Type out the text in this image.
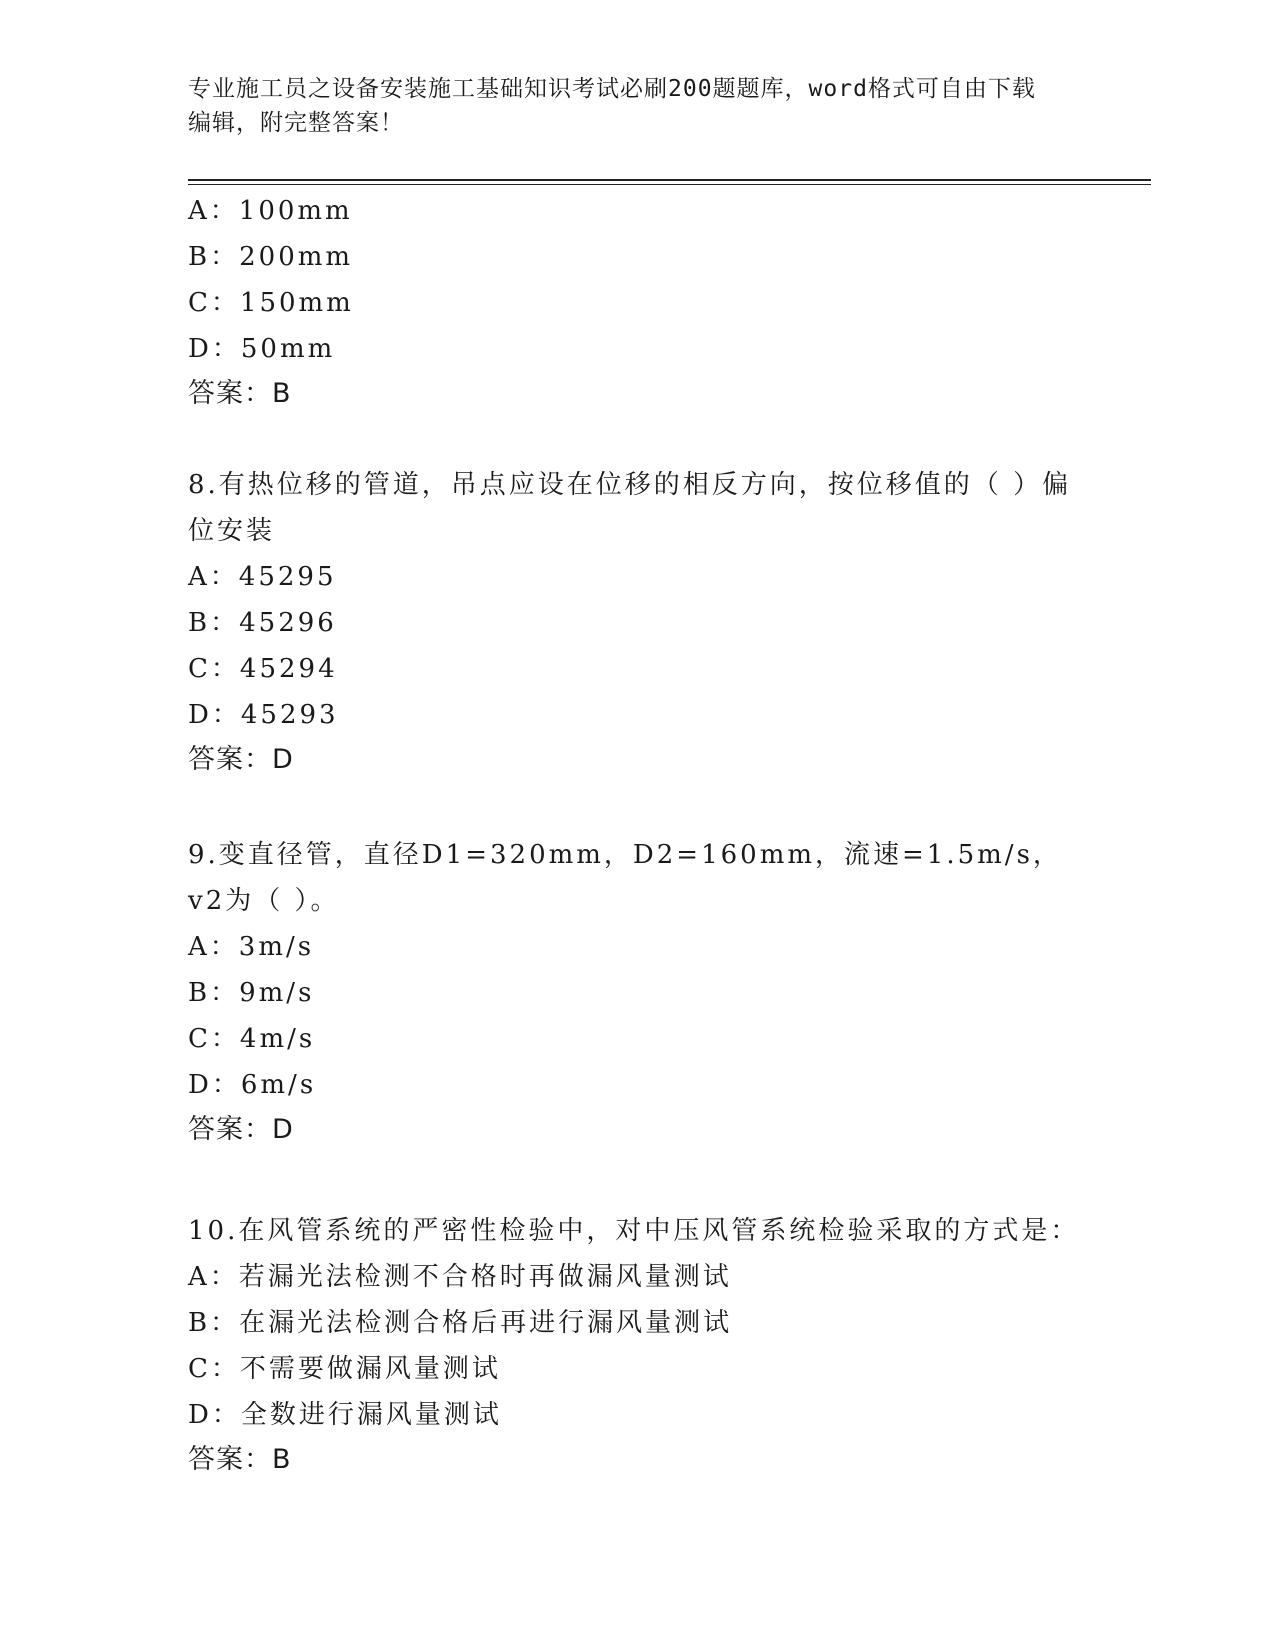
专业施工员之设备安装施工基础知识考试必刷200题题库，word格式可自由下载
编辑，附完整答案！
A：100mm
B：200mm
C：150mm
D：50mm
答案：B
8.有热位移的管道，吊点应设在位移的相反方向，按位移值的（ ）偏
位安装
A：45295
B：45296
C：45294
D：45293
答案：D
9.变直径管，直径D1=320mm，D2=160mm，流速=1.5m/s，v2为（ ）。
A：3m/s
B：9m/s
C：4m/s
D：6m/s
答案：D
10.在风管系统的严密性检验中，对中压风管系统检验采取的方式是：
A：若漏光法检测不合格时再做漏风量测试
B：在漏光法检测合格后再进行漏风量测试
C：不需要做漏风量测试
D：全数进行漏风量测试
答案：B
